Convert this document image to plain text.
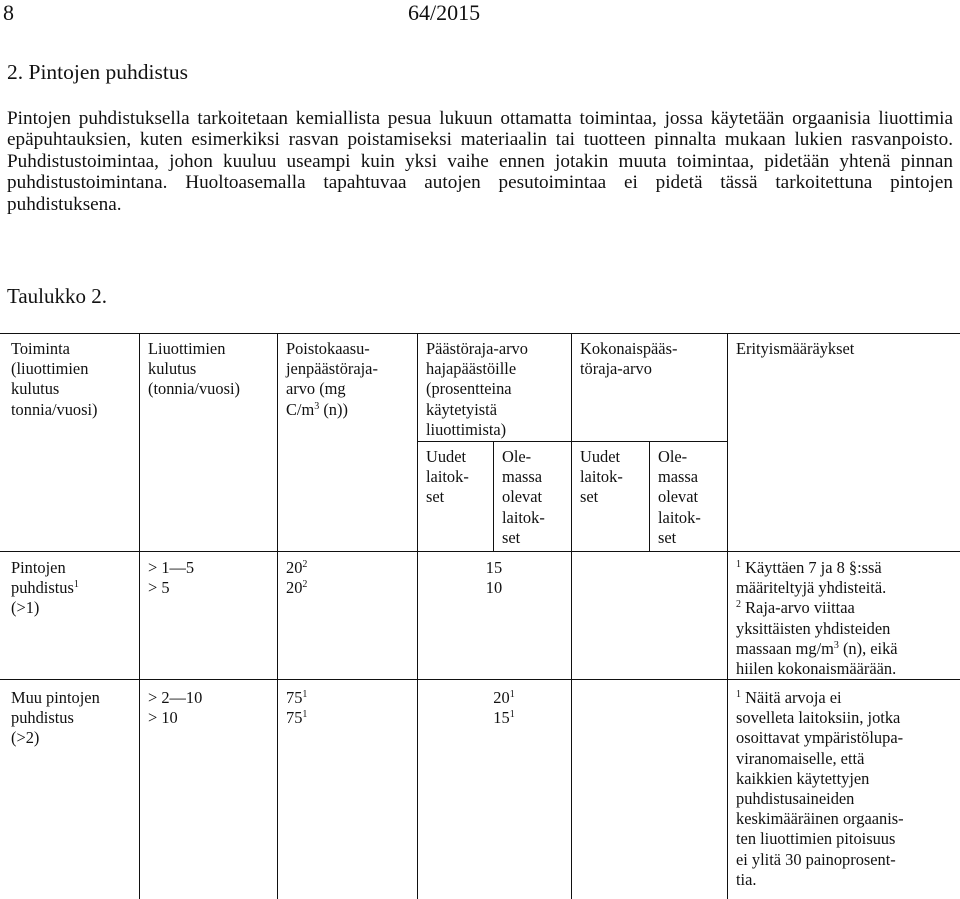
8	64/2015
2. Pintojen puhdistus

Pintojen puhdistuksella tarkoitetaan kemiallista pesua lukuun ottamatta toimintaa, jossa käytetään orgaanisia liuottimia epäpuhtauksien, kuten esimerkiksi rasvan poistamiseksi materiaalin tai tuotteen pinnalta mukaan lukien rasvanpoisto. Puhdistustoimintaa, johon kuuluu useampi kuin yksi vaihe ennen jotakin muuta toimintaa, pidetään yhtenä pinnan puhdistustoimintana. Huoltoasemalla tapahtuvaa autojen pesutoimintaa ei pidetä tässä tarkoitettuna pintojen puhdistuksena.

Taulukko 2.
Toiminta
(liuottimien
kulutus
tonnia/vuosi)
Liuottimien
kulutus
(tonnia/vuosi)
Poistokaasu-
jenpäästöraja-
arvo (mg
$C/m^3$ (n))
Päästöraja-arvo
hajapäästöille
(prosentteina
käytetyistä
liuottimista)
Kokonaispääs-
töraja-arvo
Erityismääräykset
Uudet
laitok-
set
Ole-
massa
olevat
laitok-
set
Uudet
laitok-
set
Ole-
massa
olevat
laitok-
set
Pintojen
puhdistus$^1$
(>1)
> 1—5
> 5
$20^2$
$20^2$
15
10
$^1$ Käyttäen 7 ja 8 §:ssä
määriteltyjä yhdisteitä.
$^2$ Raja-arvo viittaa
yksittäisten yhdisteiden
massaan $mg/m^3$ (n), eikä
hiilen kokonaismäärään.
Muu pintojen
puhdistus
(>2)
> 2—10
> 10
$75^1$
$75^1$
$20^1$
$15^1$
$^1$ Näitä arvoja ei
sovelleta laitoksiin, jotka
osoittavat ympäristölupa-
viranomaiselle, että
kaikkien käytettyjen
puhdistusaineiden
keskimääräinen orgaanis-
ten liuottimien pitoisuus
ei ylitä 30 painoprosent-
tia.
